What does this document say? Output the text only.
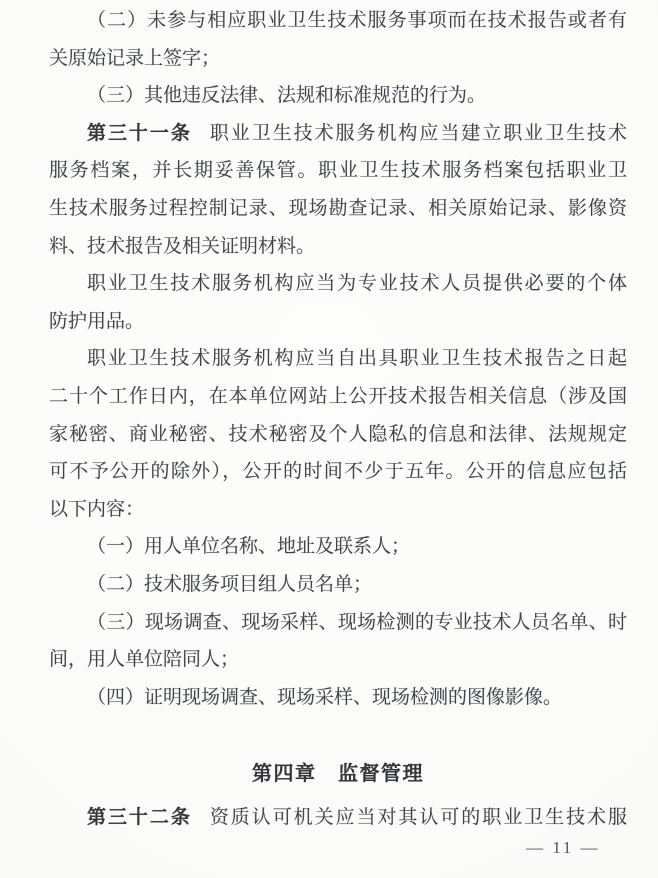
（二）未参与相应职业卫生技术服务事项而在技术报告或者有
关原始记录上签字；
（三）其他违反法律、法规和标准规范的行为。
第三十一条 职业卫生技术服务机构应当建立职业卫生技术
服务档案，并长期妥善保管。职业卫生技术服务档案包括职业卫
生技术服务过程控制记录、现场勘查记录、相关原始记录、影像资
料、技术报告及相关证明材料。
职业卫生技术服务机构应当为专业技术人员提供必要的个体
防护用品。
职业卫生技术服务机构应当自出具职业卫生技术报告之日起
二十个工作日内，在本单位网站上公开技术报告相关信息（涉及国
家秘密、商业秘密、技术秘密及个人隐私的信息和法律、法规规定
可不予公开的除外），公开的时间不少于五年。公开的信息应包括
以下内容：
（一）用人单位名称、地址及联系人；
（二）技术服务项目组人员名单；
（三）现场调查、现场采样、现场检测的专业技术人员名单、时
间，用人单位陪同人；
（四）证明现场调查、现场采样、现场检测的图像影像。
第四章　监督管理
第三十二条 资质认可机关应当对其认可的职业卫生技术服
— 11 —
